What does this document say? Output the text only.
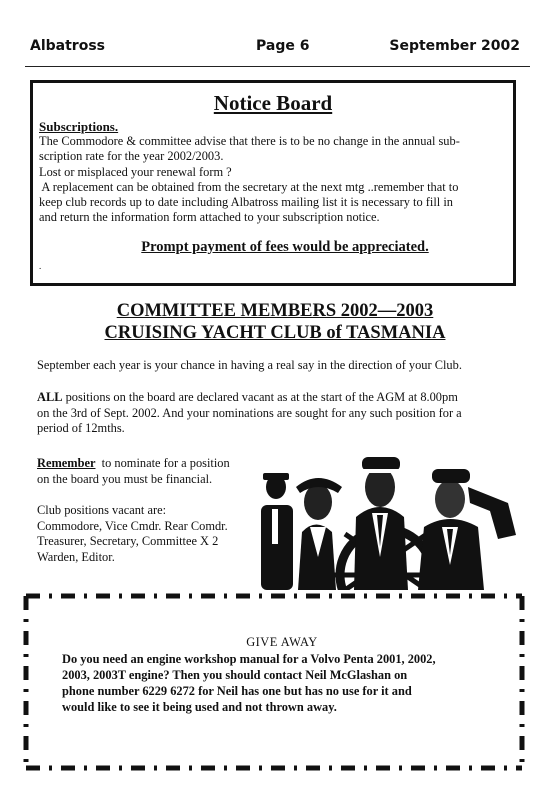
Albatross	Page 6	September 2002
Notice Board
Subscriptions.
The Commodore & committee advise that there is to be no change in the annual sub-
scription rate for the year 2002/2003.
Lost or misplaced your renewal form ?
A replacement can be obtained from the secretary at the next mtg ..remember that to
keep club records up to date including Albatross mailing list it is necessary to fill in
and return the information form attached to your subscription notice.
Prompt payment of fees would be appreciated.
.
COMMITTEE MEMBERS 2002—2003
CRUISING YACHT CLUB of TASMANIA
September each year is your chance in having a real say in the direction of your Club.
ALL positions on the board are declared vacant as at the start of the AGM at 8.00pm
on the 3rd of Sept. 2002. And your nominations are sought for any such position for a
period of 12mths.
Remember  to nominate for a position
on the board you must be financial.
Club positions vacant are:
Commodore, Vice Cmdr. Rear Comdr.
Treasurer, Secretary, Committee X 2
Warden, Editor.
GIVE AWAY
Do you need an engine workshop manual for a Volvo Penta 2001, 2002,
2003, 2003T engine? Then you should contact Neil McGlashan on
phone number 6229 6272 for Neil has one but has no use for it and
would like to see it being used and not thrown away.
